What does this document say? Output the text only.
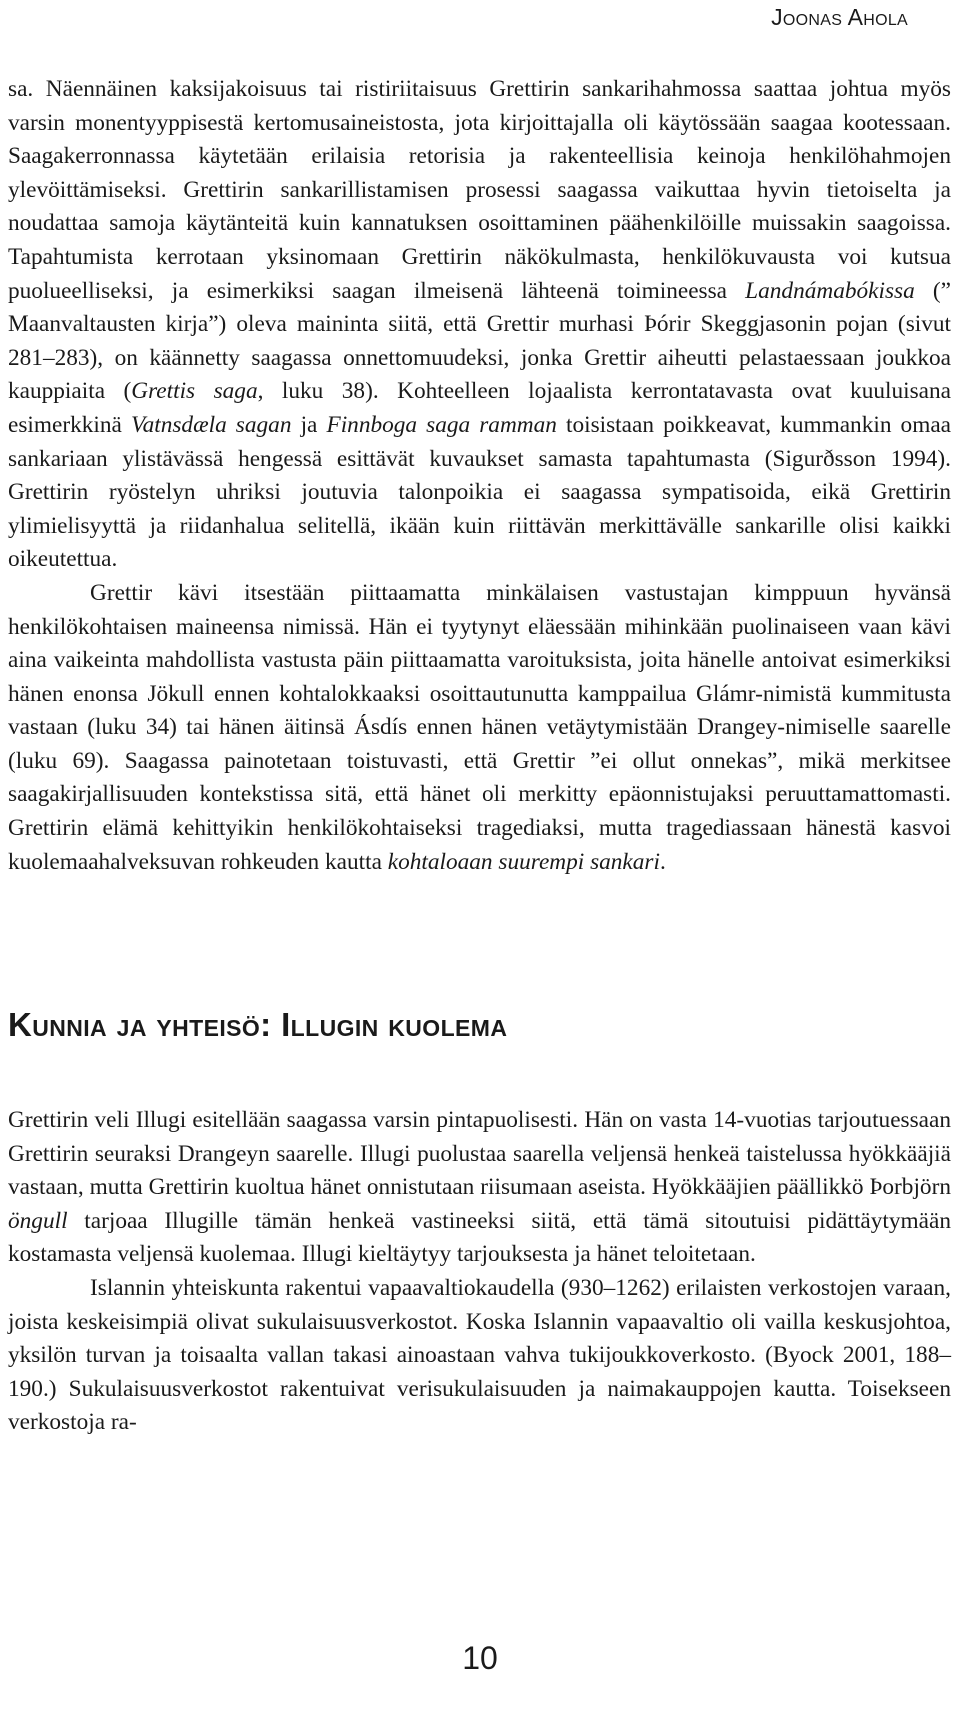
Joonas Ahola

sa. Näennäinen kaksijakoisuus tai ristiriitaisuus Grettirin sankarihahmossa saattaa johtua myös varsin monentyyppisestä kertomusaineistosta, jota kirjoittajalla oli käytössään saagaa kootessaan. Saagakerronnassa käytetään erilaisia retorisia ja rakenteellisia keinoja henkilöhahmojen ylevöittämiseksi. Grettirin sankarillistamisen prosessi saagassa vaikuttaa hyvin tietoiselta ja noudattaa samoja käytänteitä kuin kannatuksen osoittaminen päähenkilöille muissakin saagoissa. Tapahtumista kerrotaan yksinomaan Grettirin näkökulmasta, henkilökuvausta voi kutsua puolueelliseksi, ja esimerkiksi saagan ilmeisenä lähteenä toimineessa Landnámabókissa (” Maanvaltausten kirja”) oleva maininta siitä, että Grettir murhasi Þórir Skeggjasonin pojan (sivut 281–283), on käännetty saagassa onnettomuudeksi, jonka Grettir aiheutti pelastaessaan joukkoa kauppiaita (Grettis saga, luku 38). Kohteelleen lojaalista kerrontatavasta ovat kuuluisana esimerkkinä Vatnsdæla sagan ja Finnboga saga ramman toisistaan poikkeavat, kummankin omaa sankariaan ylistävässä hengessä esittävät kuvaukset samasta tapahtumasta (Sigurðsson 1994). Grettirin ryöstelyn uhriksi joutuvia talonpoikia ei saagassa sympatisoida, eikä Grettirin ylimielisyyttä ja riidanhalua selitellä, ikään kuin riittävän merkittävälle sankarille olisi kaikki oikeutettua.

Grettir kävi itsestään piittaamatta minkälaisen vastustajan kimppuun hyvänsä henkilökohtaisen maineensa nimissä. Hän ei tyytynyt eläessään mihinkään puolinaiseen vaan kävi aina vaikeinta mahdollista vastusta päin piittaamatta varoituksista, joita hänelle antoivat esimerkiksi hänen enonsa Jökull ennen kohtalokkaaksi osoittautunutta kamppailua Glámr-nimistä kummitusta vastaan (luku 34) tai hänen äitinsä Ásdís ennen hänen vetäytymistään Drangey-nimiselle saarelle (luku 69). Saagassa painotetaan toistuvasti, että Grettir ”ei ollut onnekas”, mikä merkitsee saagakirjallisuuden kontekstissa sitä, että hänet oli merkitty epäonnistujaksi peruuttamattomasti. Grettirin elämä kehittyikin henkilökohtaiseksi tragediaksi, mutta tragediassaan hänestä kasvoi kuolemaahalveksuvan rohkeuden kautta kohtaloaan suurempi sankari.

Kunnia ja yhteisö: Illugin kuolema

Grettirin veli Illugi esitellään saagassa varsin pintapuolisesti. Hän on vasta 14-vuotias tarjoutuessaan Grettirin seuraksi Drangeyn saarelle. Illugi puolustaa saarella veljensä henkeä taistelussa hyökkääjiä vastaan, mutta Grettirin kuoltua hänet onnistutaan riisumaan aseista. Hyökkääjien päällikkö Þorbjörn öngull tarjoaa Illugille tämän henkeä vastineeksi siitä, että tämä sitoutuisi pidättäytymään kostamasta veljensä kuolemaa. Illugi kieltäytyy tarjouksesta ja hänet teloitetaan.

Islannin yhteiskunta rakentui vapaavaltiokaudella (930–1262) erilaisten verkostojen varaan, joista keskeisimpiä olivat sukulaisuusverkostot. Koska Islannin vapaavaltio oli vailla keskusjohtoa, yksilön turvan ja toisaalta vallan takasi ainoastaan vahva tukijoukkoverkosto. (Byock 2001, 188–190.) Sukulaisuusverkostot rakentuivat verisukulaisuuden ja naimakauppojen kautta. Toisekseen verkostoja ra-

10
